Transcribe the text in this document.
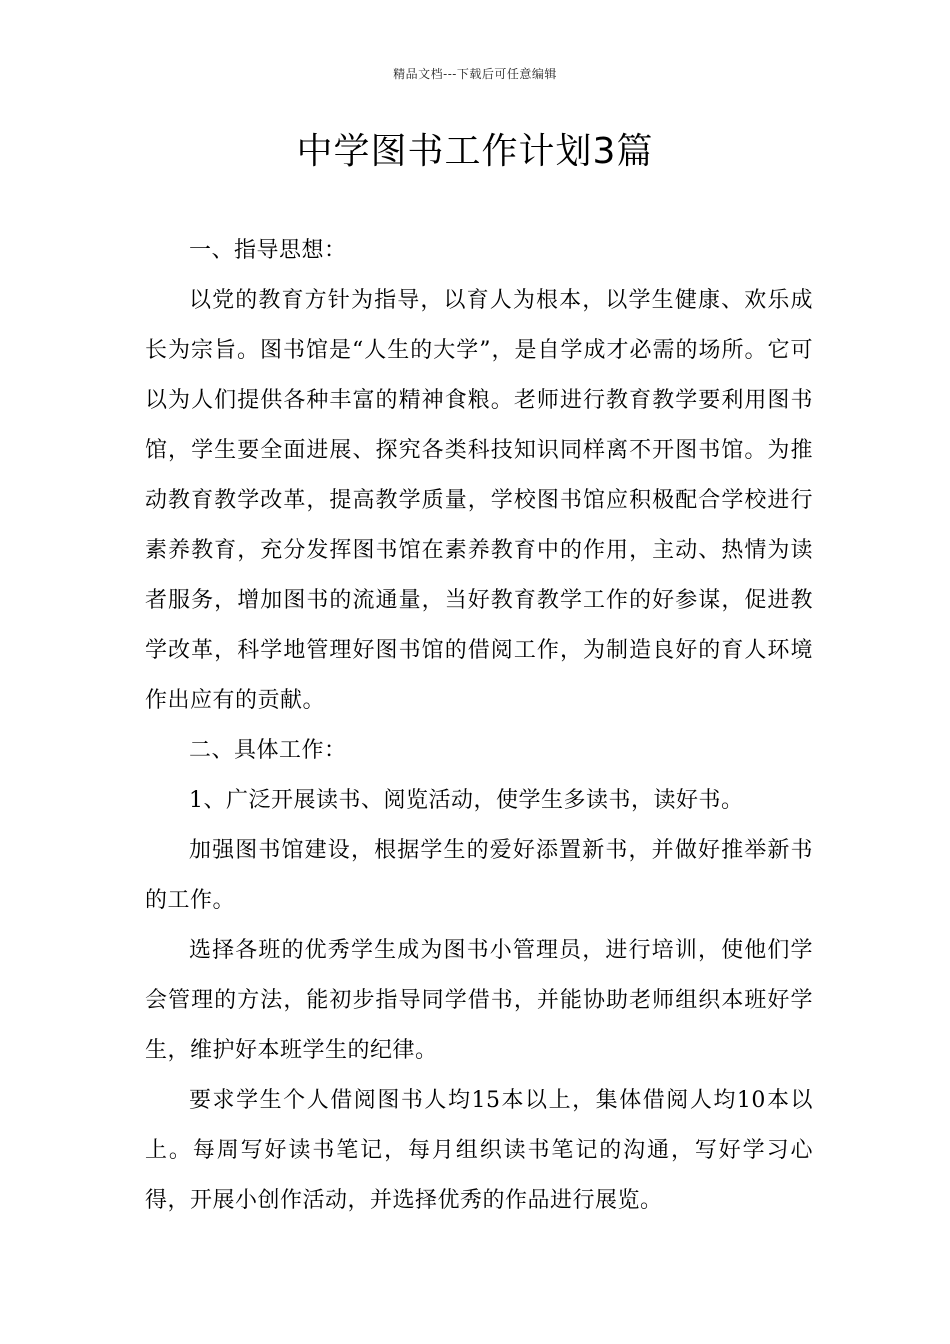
精品文档---下载后可任意编辑
中学图书工作计划3篇

一、指导思想：

以党的教育方针为指导，以育人为根本，以学生健康、欢乐成长为宗旨。图书馆是“人生的大学”，是自学成才必需的场所。它可以为人们提供各种丰富的精神食粮。老师进行教育教学要利用图书馆，学生要全面进展、探究各类科技知识同样离不开图书馆。为推动教育教学改革，提高教学质量，学校图书馆应积极配合学校进行素养教育，充分发挥图书馆在素养教育中的作用，主动、热情为读者服务，增加图书的流通量，当好教育教学工作的好参谋，促进教学改革，科学地管理好图书馆的借阅工作，为制造良好的育人环境作出应有的贡献。

二、具体工作：

1、广泛开展读书、阅览活动，使学生多读书，读好书。

加强图书馆建设，根据学生的爱好添置新书，并做好推举新书的工作。

选择各班的优秀学生成为图书小管理员，进行培训，使他们学会管理的方法，能初步指导同学借书，并能协助老师组织本班好学生，维护好本班学生的纪律。

要求学生个人借阅图书人均15本以上，集体借阅人均10本以上。每周写好读书笔记，每月组织读书笔记的沟通，写好学习心得，开展小创作活动，并选择优秀的作品进行展览。
